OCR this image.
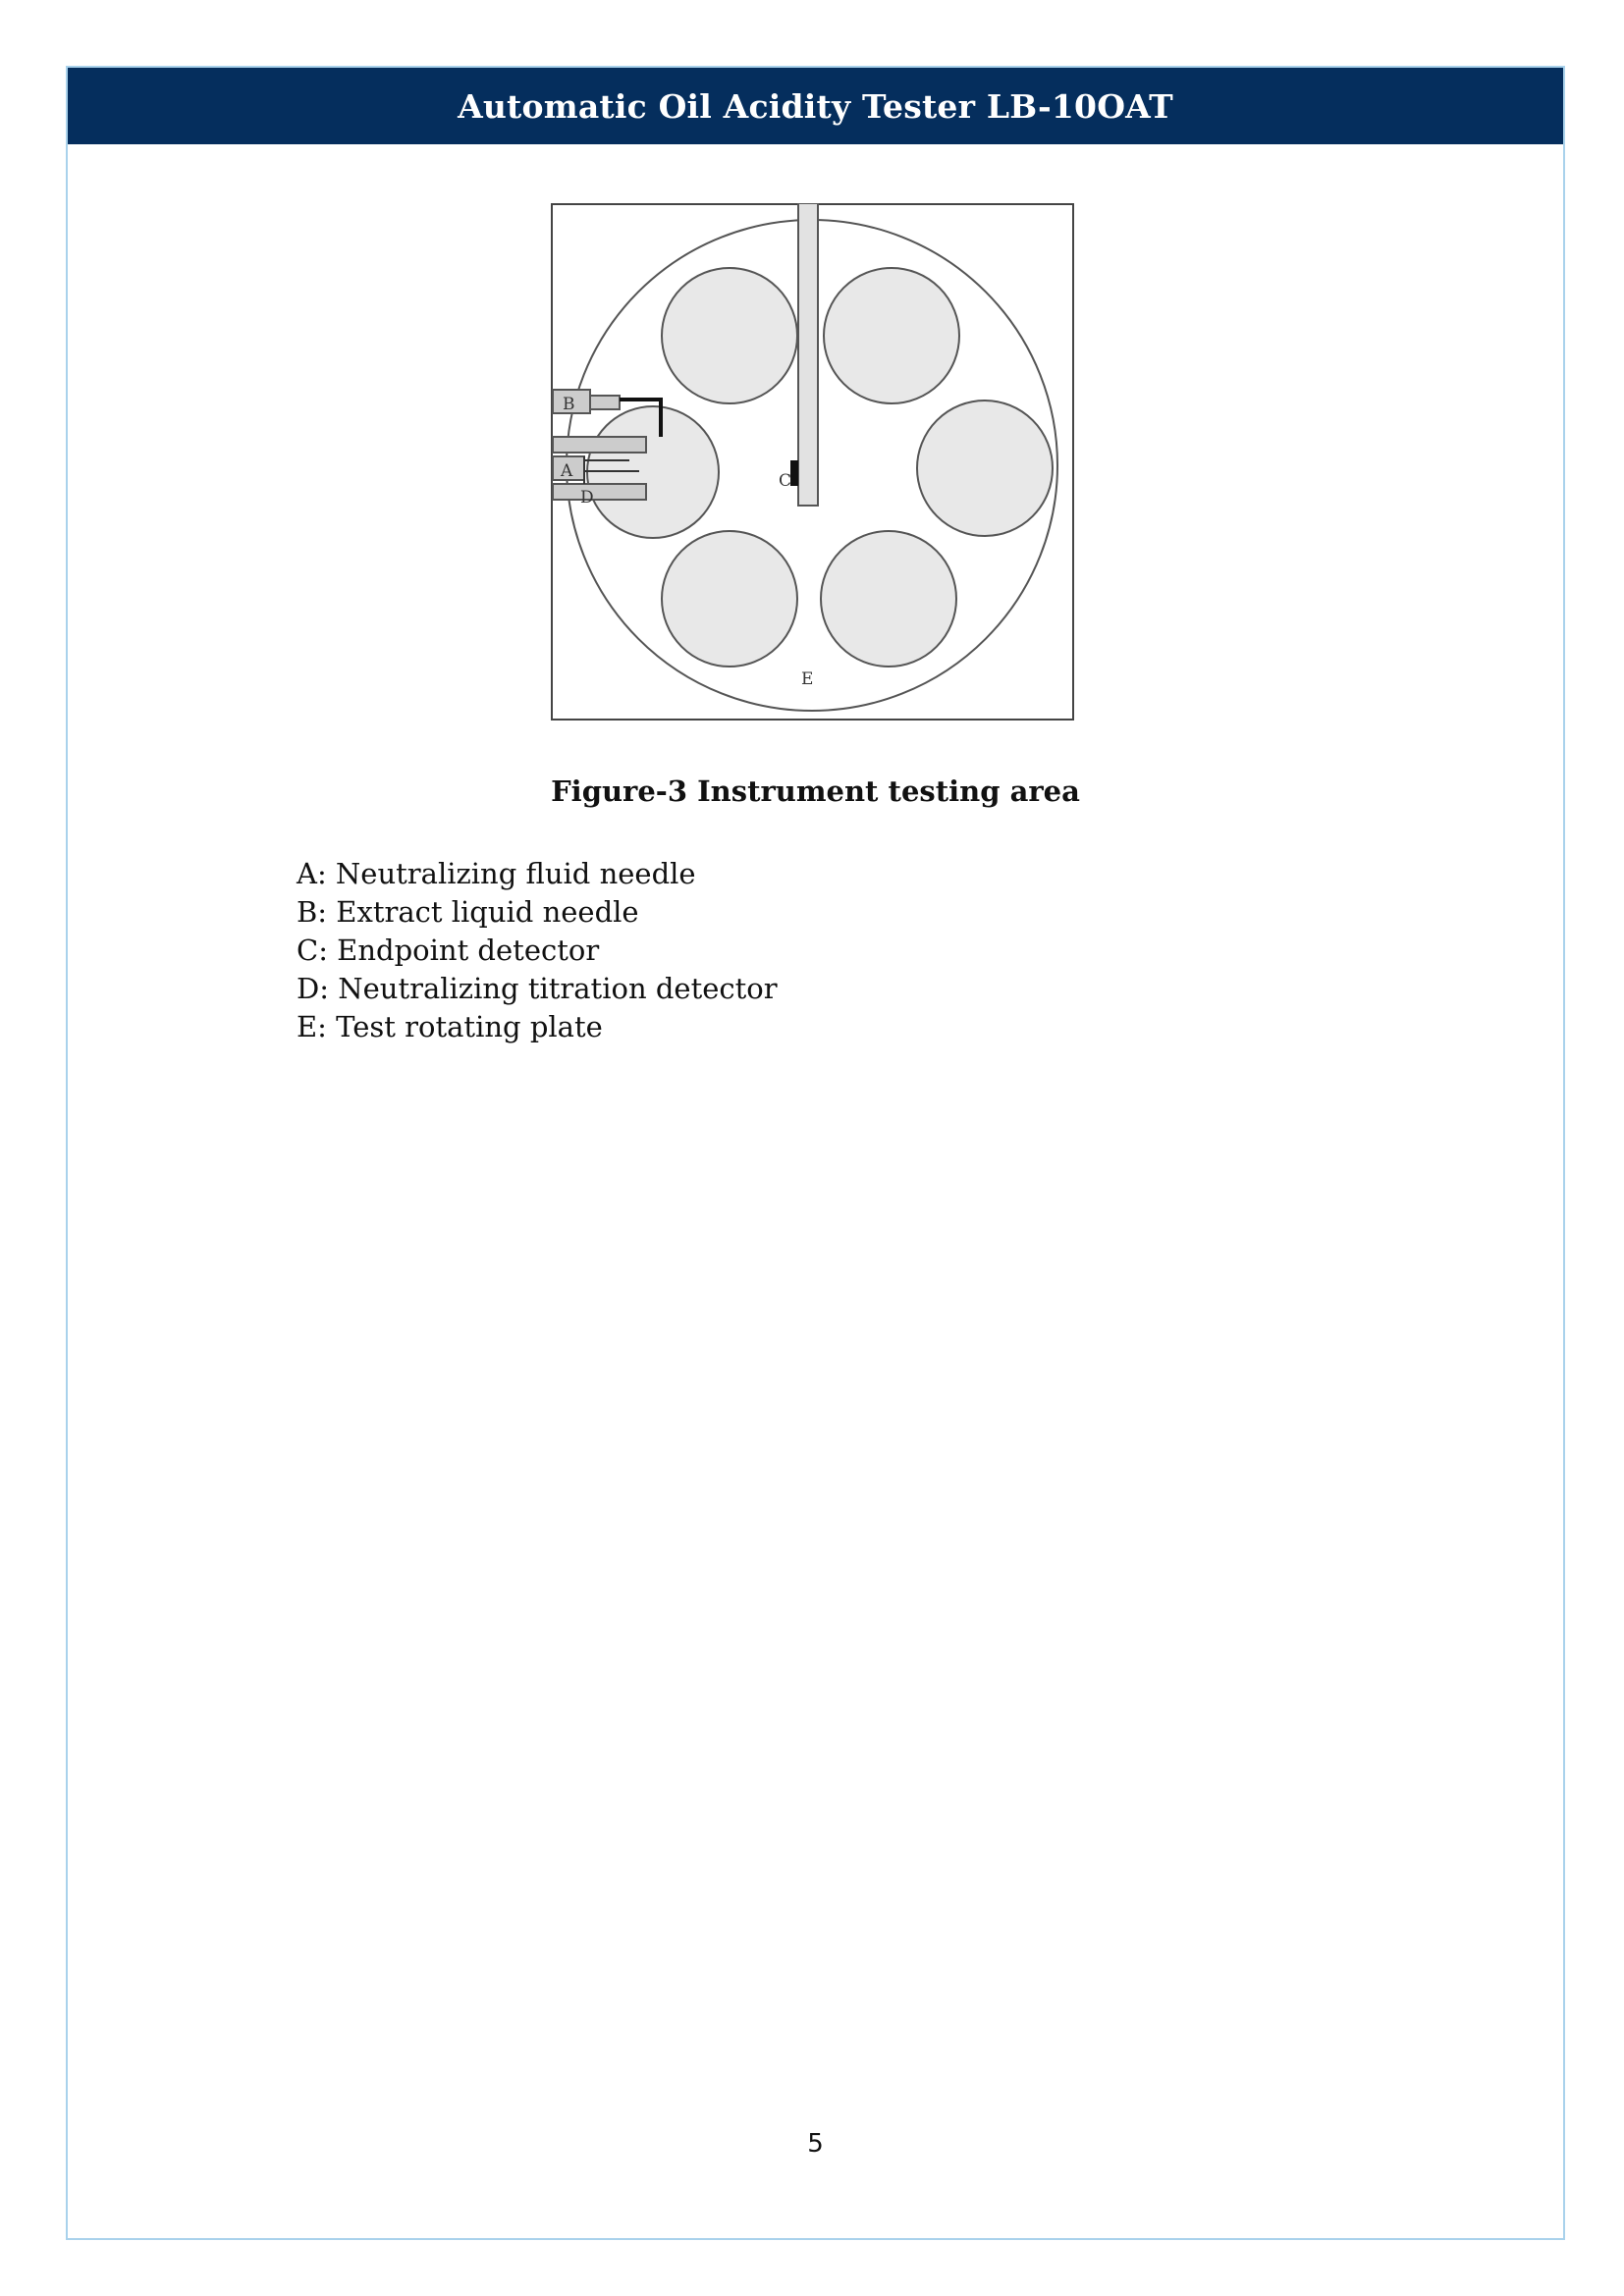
Automatic Oil Acidity Tester LB-10OAT
B
A
D
C
E
Figure-3 Instrument testing area
A: Neutralizing fluid needle
B: Extract liquid needle
C: Endpoint detector
D: Neutralizing titration detector
E: Test rotating plate
5
